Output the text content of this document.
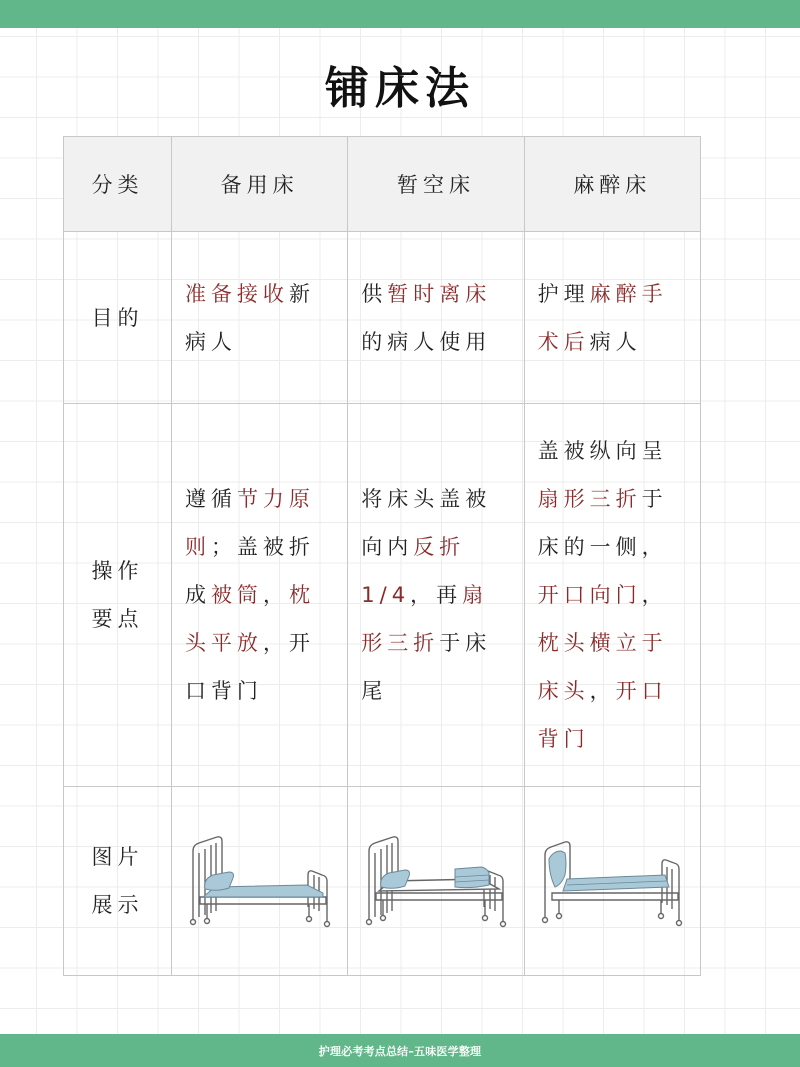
铺床法
分类	备用床	暂空床	麻醉床
目的	准备接收新病人	供暂时离床的病人使用	护理麻醉手术后病人

操作
要点	遵循节力原则；盖被折成被筒，枕头平放，开口背门	将床头盖被向内反折1/4，再扇形三折于床尾	盖被纵向呈扇形三折于床的一侧，开口向门，枕头横立于床头，开口背门

图片
展示

护理必考考点总结–五味医学整理
